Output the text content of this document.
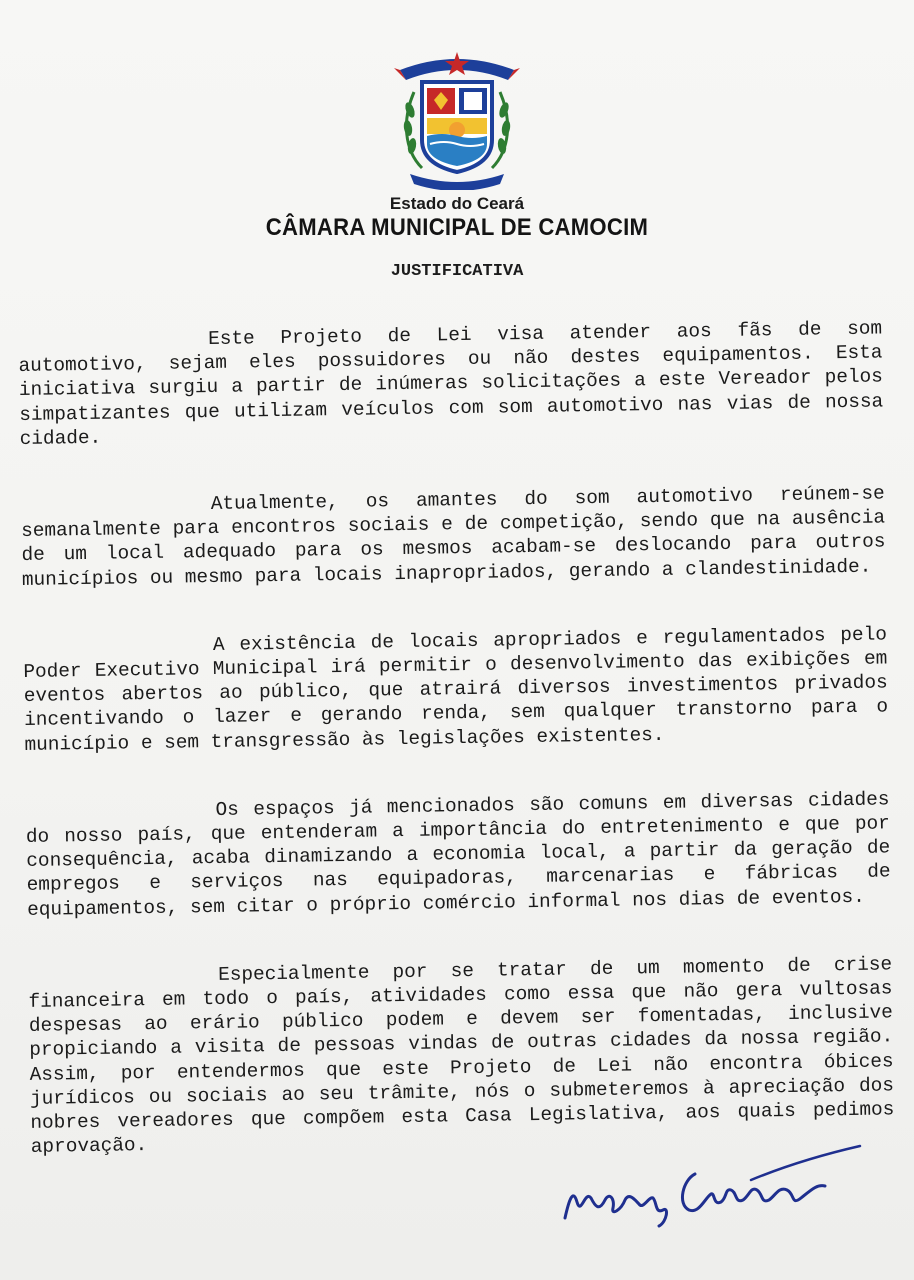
Estado do Ceará
CÂMARA MUNICIPAL DE CAMOCIM
JUSTIFICATIVA

Este Projeto de Lei visa atender aos fãs de som automotivo, sejam eles possuidores ou não destes equipamentos. Esta iniciativa surgiu a partir de inúmeras solicitações a este Vereador pelos simpatizantes que utilizam veículos com som automotivo nas vias de nossa cidade.

Atualmente, os amantes do som automotivo reúnem-se semanalmente para encontros sociais e de competição, sendo que na ausência de um local adequado para os mesmos acabam-se deslocando para outros municípios ou mesmo para locais inapropriados, gerando a clandestinidade.

A existência de locais apropriados e regulamentados pelo Poder Executivo Municipal irá permitir o desenvolvimento das exibições em eventos abertos ao público, que atrairá diversos investimentos privados incentivando o lazer e gerando renda, sem qualquer transtorno para o município e sem transgressão às legislações existentes.

Os espaços já mencionados são comuns em diversas cidades do nosso país, que entenderam a importância do entretenimento e que por consequência, acaba dinamizando a economia local, a partir da geração de empregos e serviços nas equipadoras, marcenarias e fábricas de equipamentos, sem citar o próprio comércio informal nos dias de eventos.

Especialmente por se tratar de um momento de crise financeira em todo o país, atividades como essa que não gera vultosas despesas ao erário público podem e devem ser fomentadas, inclusive propiciando a visita de pessoas vindas de outras cidades da nossa região. Assim, por entendermos que este Projeto de Lei não encontra óbices jurídicos ou sociais ao seu trâmite, nós o submeteremos à apreciação dos nobres vereadores que compõem esta Casa Legislativa, aos quais pedimos aprovação.
